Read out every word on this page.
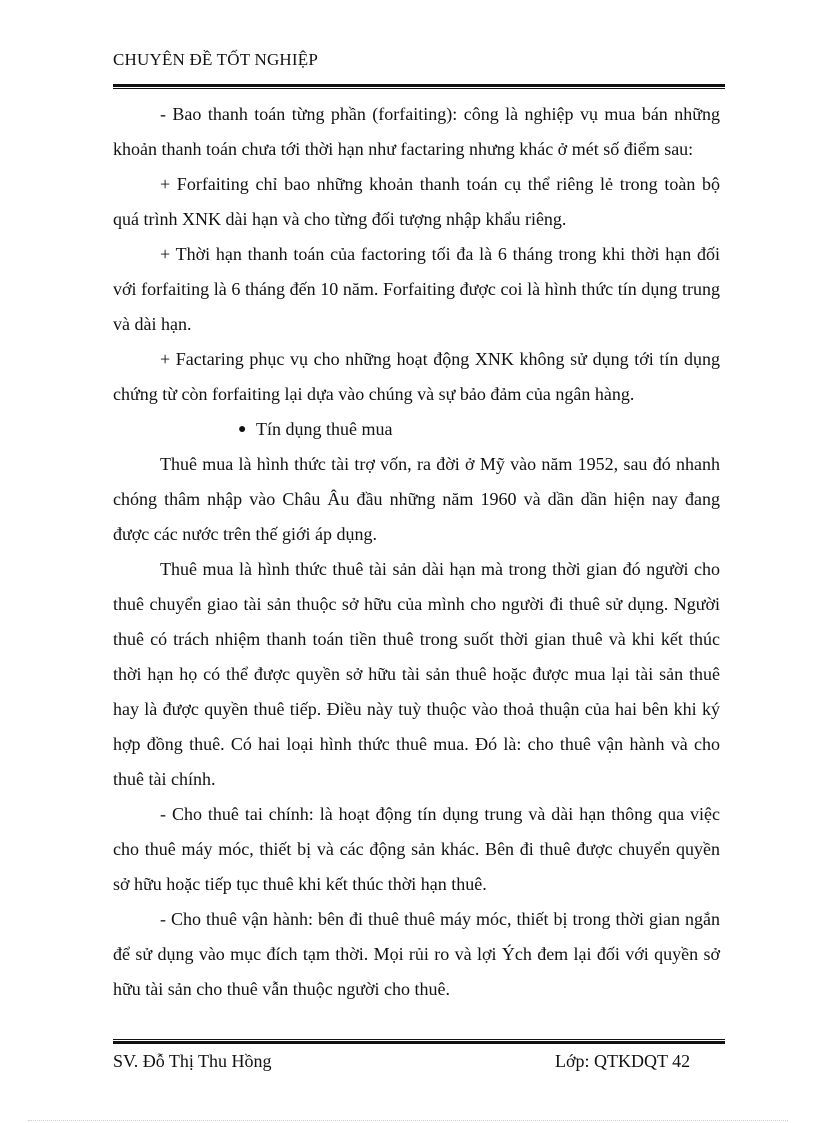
CHUYÊN ĐỀ TỐT NGHIỆP

- Bao thanh toán từng phần (forfaiting): công là nghiệp vụ mua bán những khoản thanh toán chưa tới thời hạn như factaring nhưng khác ở mét số điểm sau:

+ Forfaiting chỉ bao những khoản thanh toán cụ thể riêng lẻ trong toàn bộ quá trình XNK dài hạn và cho từng đối tượng nhập khẩu riêng.

+ Thời hạn thanh toán của factoring tối đa là 6 tháng trong khi thời hạn đối với forfaiting là 6 tháng đến 10 năm. Forfaiting được coi là hình thức tín dụng trung và dài hạn.

+ Factaring phục vụ cho những hoạt động XNK không sử dụng tới tín dụng chứng từ còn forfaiting lại dựa vào chúng và sự bảo đảm của ngân hàng.

● Tín dụng thuê mua

Thuê mua là hình thức tài trợ vốn, ra đời ở Mỹ vào năm 1952, sau đó nhanh chóng thâm nhập vào Châu Âu đầu những năm 1960 và dần dần hiện nay đang được các nước trên thế giới áp dụng.

Thuê mua là hình thức thuê tài sản dài hạn mà trong thời gian đó người cho thuê chuyển giao tài sản thuộc sở hữu của mình cho người đi thuê sử dụng. Người thuê có trách nhiệm thanh toán tiền thuê trong suốt thời gian thuê và khi kết thúc thời hạn họ có thể được quyền sở hữu tài sản thuê hoặc được mua lại tài sản thuê hay là được quyền thuê tiếp. Điều này tuỳ thuộc vào thoả thuận của hai bên khi ký hợp đồng thuê. Có hai loại hình thức thuê mua. Đó là: cho thuê vận hành và cho thuê tài chính.

- Cho thuê tai chính: là hoạt động tín dụng trung và dài hạn thông qua việc cho thuê máy móc, thiết bị và các động sản khác. Bên đi thuê được chuyển quyền sở hữu hoặc tiếp tục thuê khi kết thúc thời hạn thuê.

- Cho thuê vận hành: bên đi thuê thuê máy móc, thiết bị trong thời gian ngắn để sử dụng vào mục đích tạm thời. Mọi rủi ro và lợi Ých đem lại đối với quyền sở hữu tài sản cho thuê vẫn thuộc người cho thuê.

SV. Đỗ Thị Thu Hồng	Lớp: QTKDQT 42
